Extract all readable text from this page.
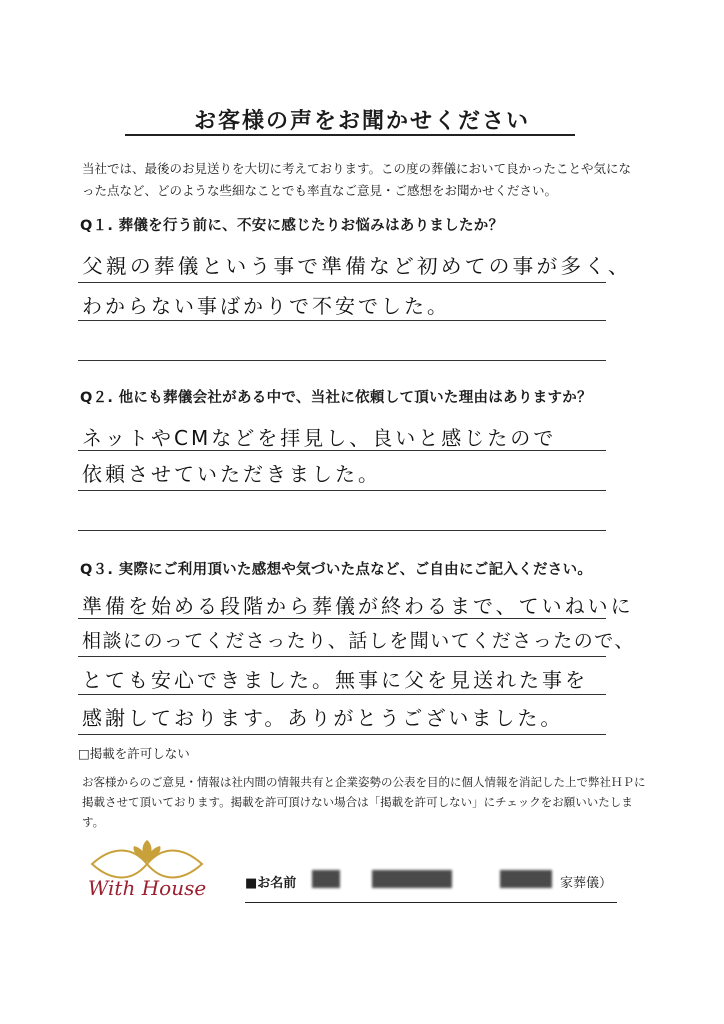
お客様の声をお聞かせください
当社では、最後のお見送りを大切に考えております。この度の葬儀において良かったことや気になった点など、どのような些細なことでも率直なご意見・ご感想をお聞かせください。
Q１. 葬儀を行う前に、不安に感じたりお悩みはありましたか？
父親の葬儀という事で準備など初めての事が多く、
わからない事ばかりで不安でした。
Q２. 他にも葬儀会社がある中で、当社に依頼して頂いた理由はありますか？
ネットやCMなどを拝見し、良いと感じたので
依頼させていただきました。
Q３. 実際にご利用頂いた感想や気づいた点など、ご自由にご記入ください。
準備を始める段階から葬儀が終わるまで、ていねいに
相談にのってくださったり、話しを聞いてくださったので、
とても安心できました。無事に父を見送れた事を
感謝しております。ありがとうございました。
□掲載を許可しない
お客様からのご意見・情報は社内間の情報共有と企業姿勢の公表を目的に個人情報を消記した上で弊社ＨＰに掲載させて頂いております。掲載を許可頂けない場合は「掲載を許可しない」にチェックをお願いいたします。
With House	■お名前	家葬儀）
